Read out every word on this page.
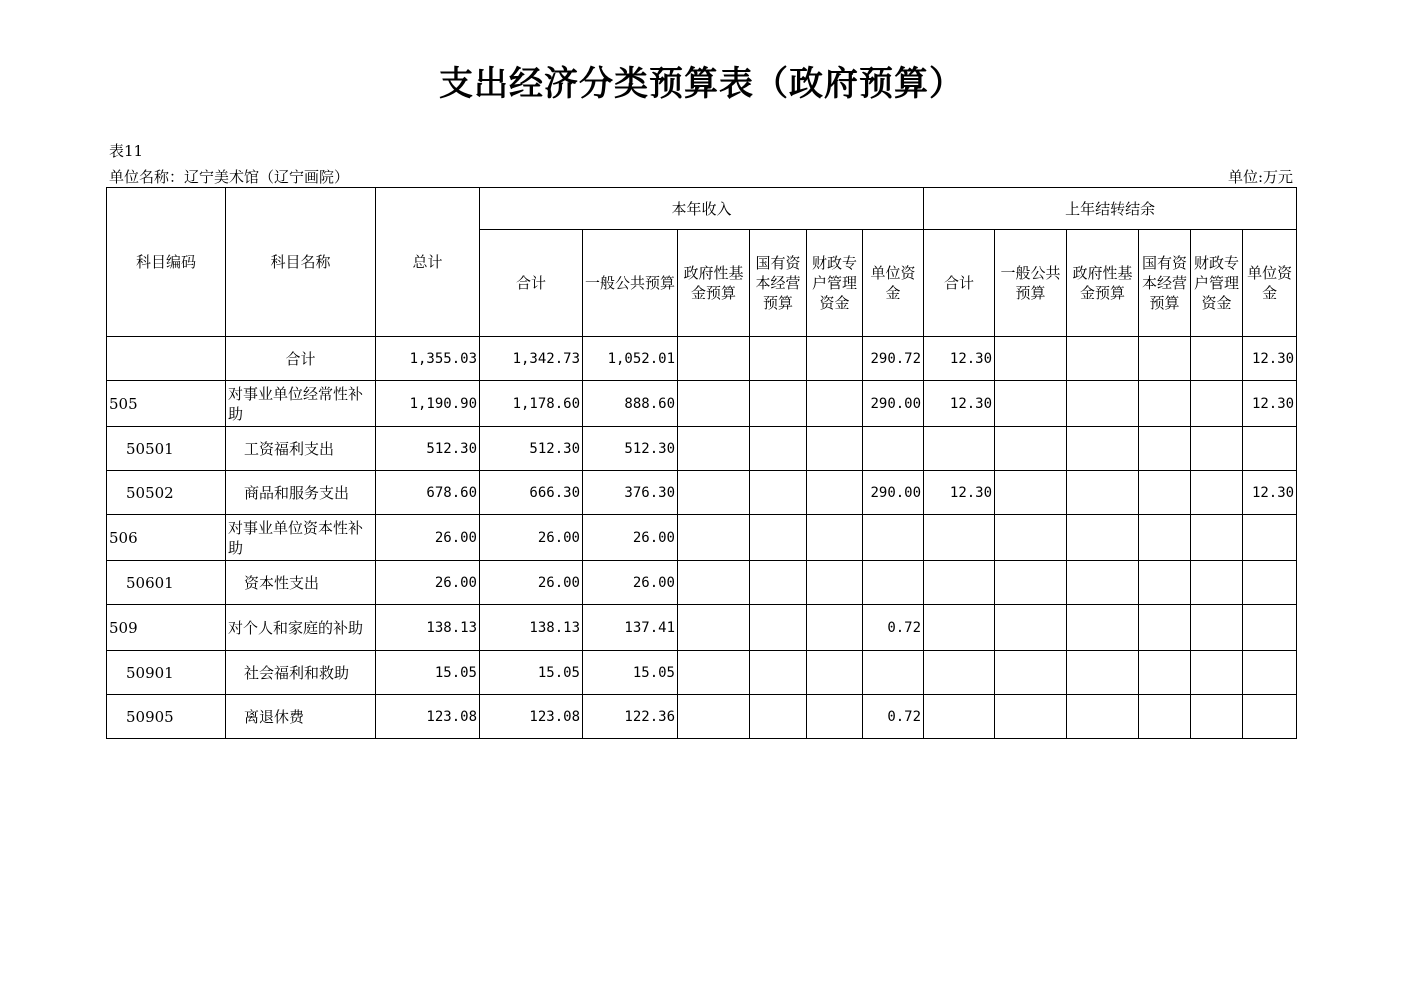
支出经济分类预算表（政府预算）
表11
单位名称：辽宁美术馆（辽宁画院）	单位:万元
科目编码	科目名称	总计	本年收入						上年结转结余					
			合计	一般公共预算	政府性基金预算	国有资本经营预算	财政专户管理资金	单位资金	合计	一般公共预算	政府性基金预算	国有资本经营预算	财政专户管理资金	单位资金
	合计	1,355.03	1,342.73	1,052.01				290.72	12.30					12.30
505	对事业单位经常性补助	1,190.90	1,178.60	888.60				290.00	12.30					12.30
50501	工资福利支出	512.30	512.30	512.30										
50502	商品和服务支出	678.60	666.30	376.30				290.00	12.30					12.30
506	对事业单位资本性补助	26.00	26.00	26.00										
50601	资本性支出	26.00	26.00	26.00										
509	对个人和家庭的补助	138.13	138.13	137.41				0.72						
50901	社会福利和救助	15.05	15.05	15.05										
50905	离退休费	123.08	123.08	122.36				0.72						
